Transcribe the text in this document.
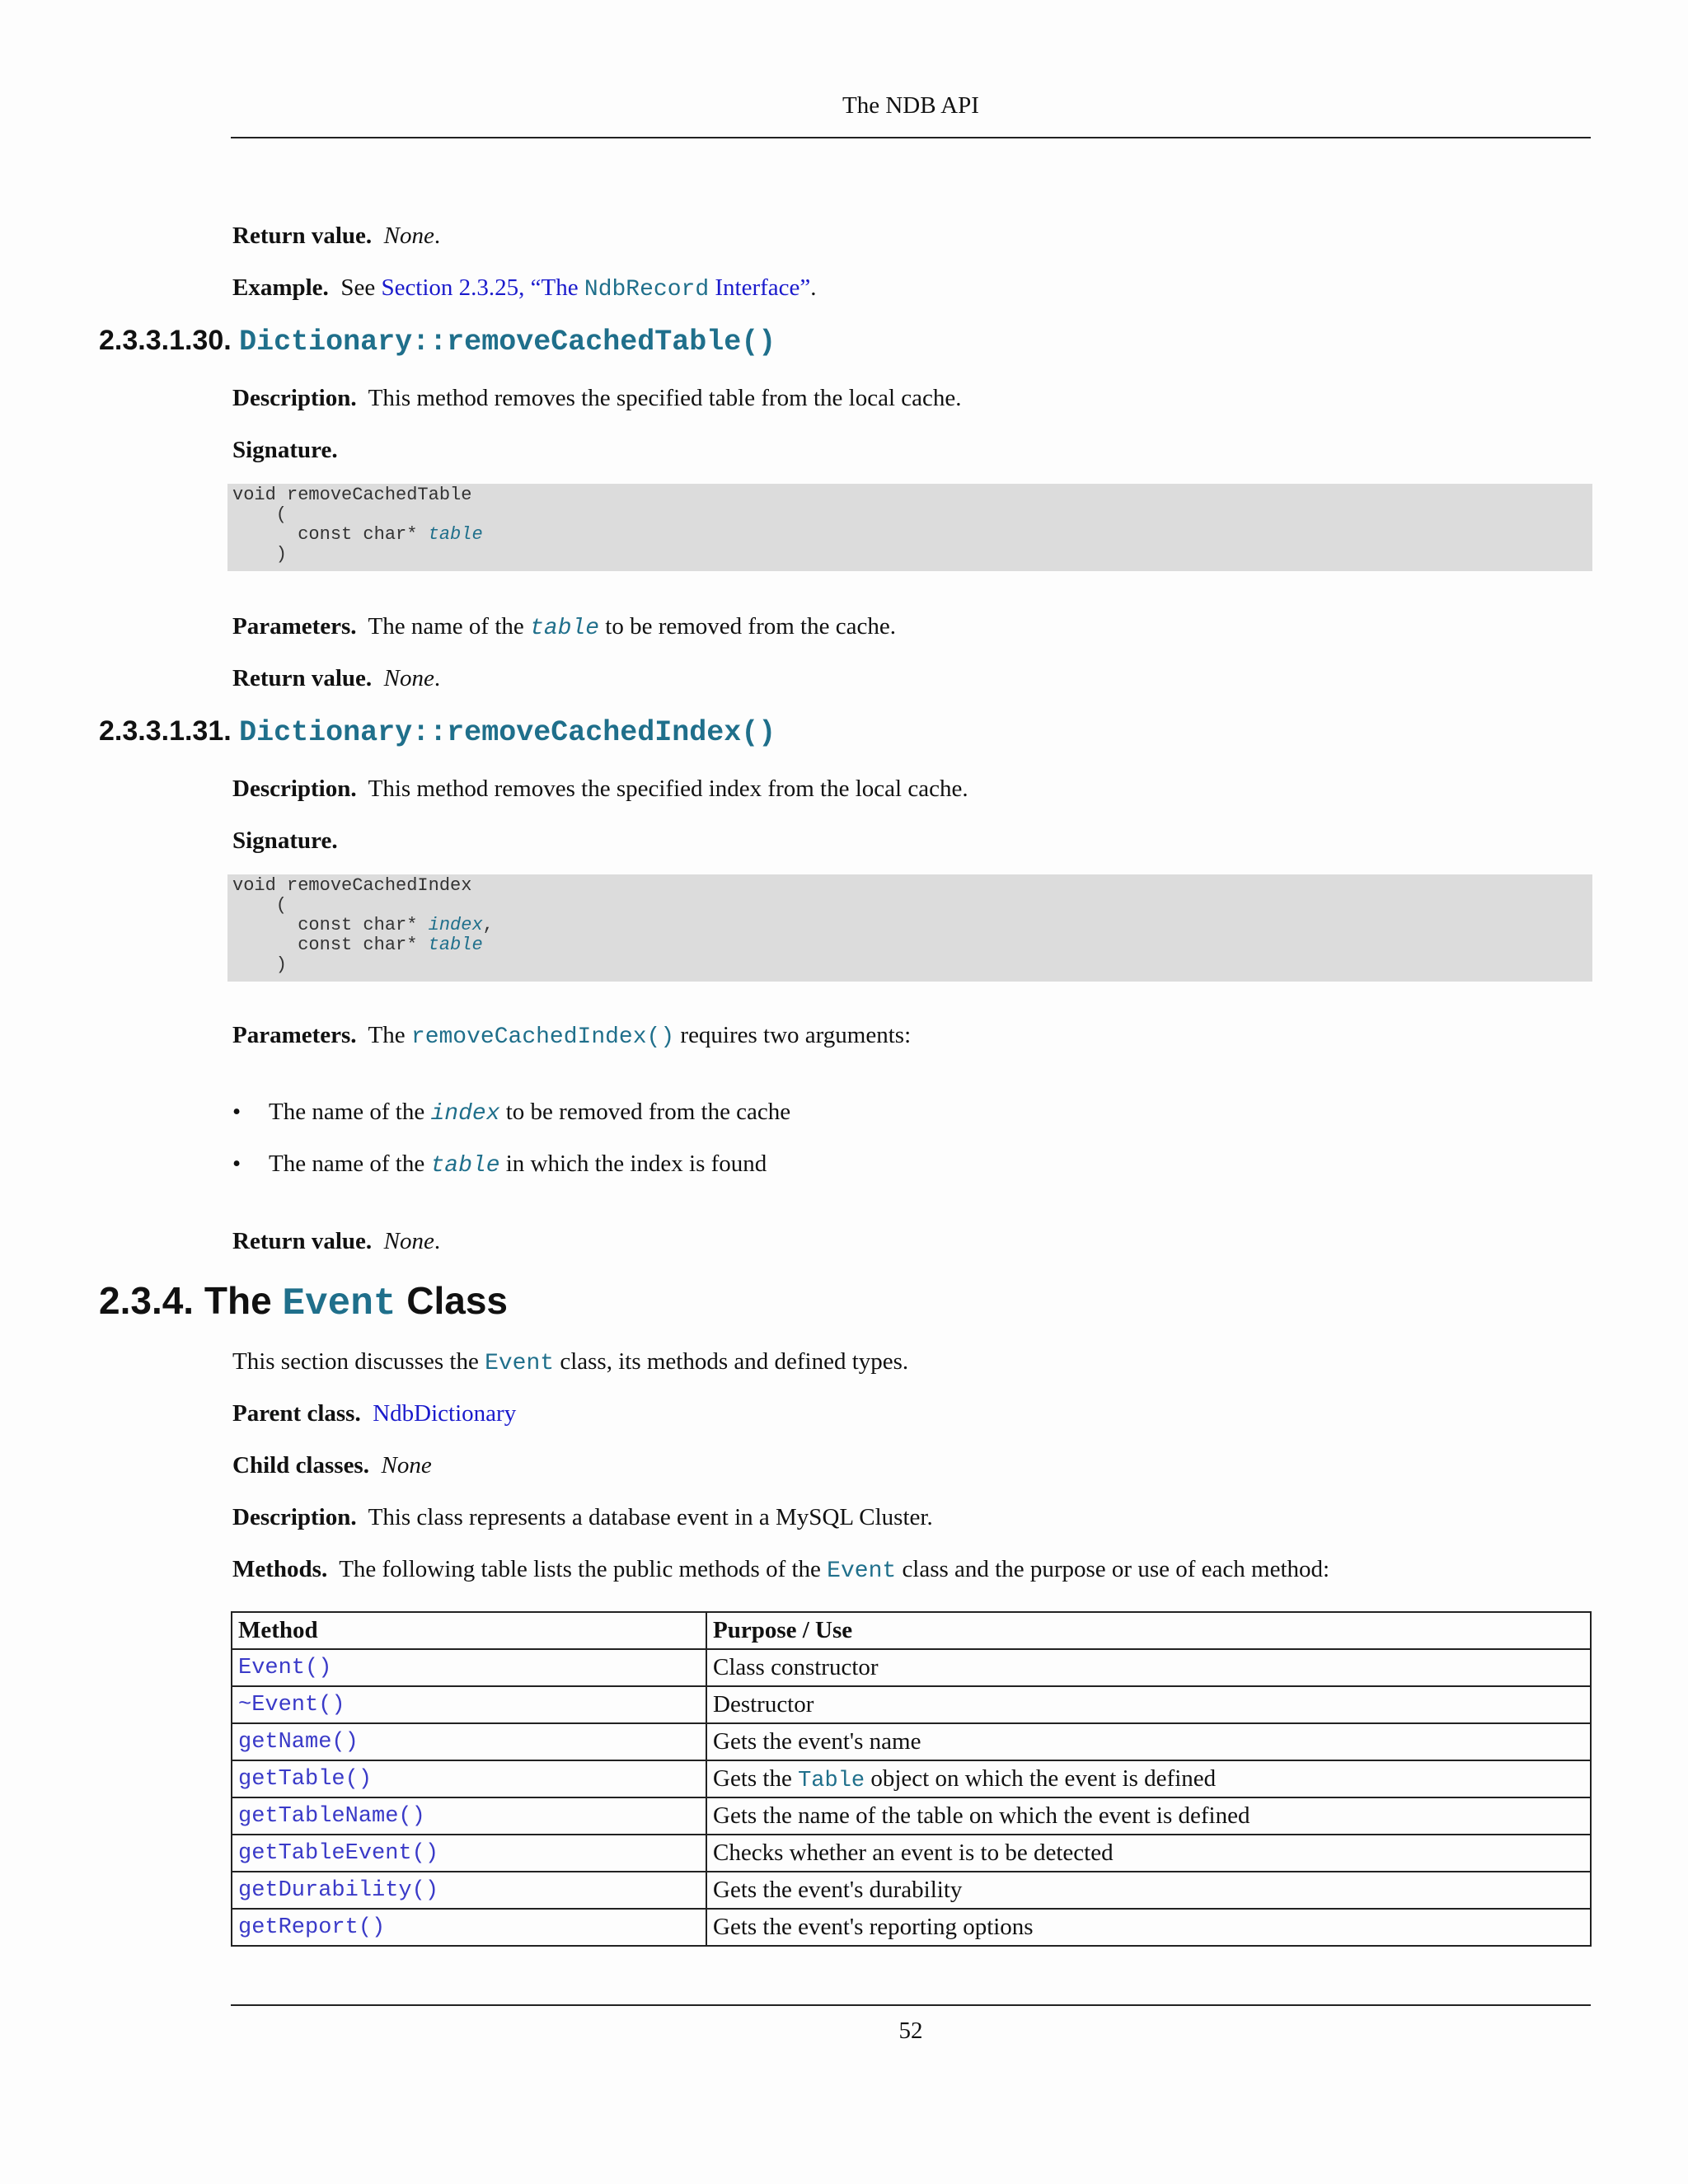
The NDB API
Return value. None.
Example. See Section 2.3.25, “The NdbRecord Interface”.
2.3.3.1.30. Dictionary::removeCachedTable()
Description. This method removes the specified table from the local cache.
Signature.
void removeCachedTable
(
const char* table
)
Parameters. The name of the table to be removed from the cache.
Return value. None.
2.3.3.1.31. Dictionary::removeCachedIndex()
Description. This method removes the specified index from the local cache.
Signature.
void removeCachedIndex
(
const char* index,
const char* table
)
Parameters. The removeCachedIndex() requires two arguments:
• The name of the index to be removed from the cache
• The name of the table in which the index is found
Return value. None.
2.3.4. The Event Class
This section discusses the Event class, its methods and defined types.
Parent class. NdbDictionary
Child classes. None
Description. This class represents a database event in a MySQL Cluster.
Methods. The following table lists the public methods of the Event class and the purpose or use of each method:
Method	Purpose / Use
Event()	Class constructor
~Event()	Destructor
getName()	Gets the event's name
getTable()	Gets the Table object on which the event is defined
getTableName()	Gets the name of the table on which the event is defined
getTableEvent()	Checks whether an event is to be detected
getDurability()	Gets the event's durability
getReport()	Gets the event's reporting options
52
